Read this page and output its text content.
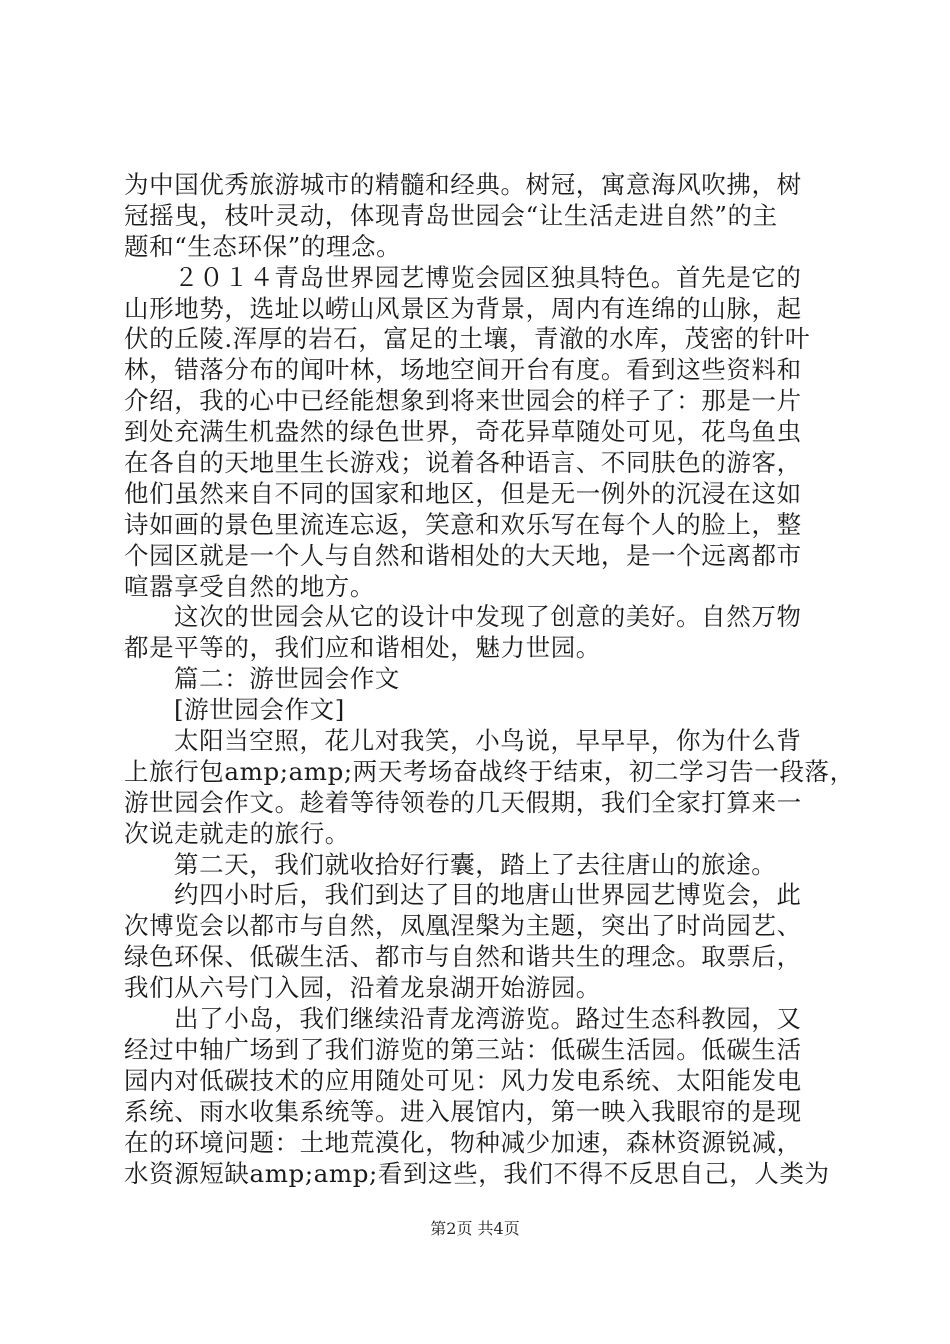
为中国优秀旅游城市的精髓和经典。树冠，寓意海风吹拂，树
冠摇曳，枝叶灵动，体现青岛世园会“让生活走进自然”的主
题和“生态环保”的理念。
２０１４青岛世界园艺博览会园区独具特色。首先是它的
山形地势，选址以崂山风景区为背景，周内有连绵的山脉，起
伏的丘陵.浑厚的岩石，富足的土壤，青澈的水库，茂密的针叶
林，错落分布的闻叶林，场地空间开台有度。看到这些资料和
介绍，我的心中已经能想象到将来世园会的样子了：那是一片
到处充满生机盎然的绿色世界，奇花异草随处可见，花鸟鱼虫
在各自的天地里生长游戏；说着各种语言、不同肤色的游客，
他们虽然来自不同的国家和地区，但是无一例外的沉浸在这如
诗如画的景色里流连忘返，笑意和欢乐写在每个人的脸上，整
个园区就是一个人与自然和谐相处的大天地，是一个远离都市
喧嚣享受自然的地方。
这次的世园会从它的设计中发现了创意的美好。自然万物
都是平等的，我们应和谐相处，魅力世园。
篇二：游世园会作文
[游世园会作文]
太阳当空照，花儿对我笑，小鸟说，早早早，你为什么背
上旅行包amp;amp;两天考场奋战终于结束，初二学习告一段落，
游世园会作文。趁着等待领卷的几天假期，我们全家打算来一
次说走就走的旅行。
第二天，我们就收拾好行囊，踏上了去往唐山的旅途。
约四小时后，我们到达了目的地唐山世界园艺博览会，此
次博览会以都市与自然，凤凰涅槃为主题，突出了时尚园艺、
绿色环保、低碳生活、都市与自然和谐共生的理念。取票后，
我们从六号门入园，沿着龙泉湖开始游园。
出了小岛，我们继续沿青龙湾游览。路过生态科教园，又
经过中轴广场到了我们游览的第三站：低碳生活园。低碳生活
园内对低碳技术的应用随处可见：风力发电系统、太阳能发电
系统、雨水收集系统等。进入展馆内，第一映入我眼帘的是现
在的环境问题：土地荒漠化，物种减少加速，森林资源锐减，
水资源短缺amp;amp;看到这些，我们不得不反思自己，人类为
第2页 共4页
